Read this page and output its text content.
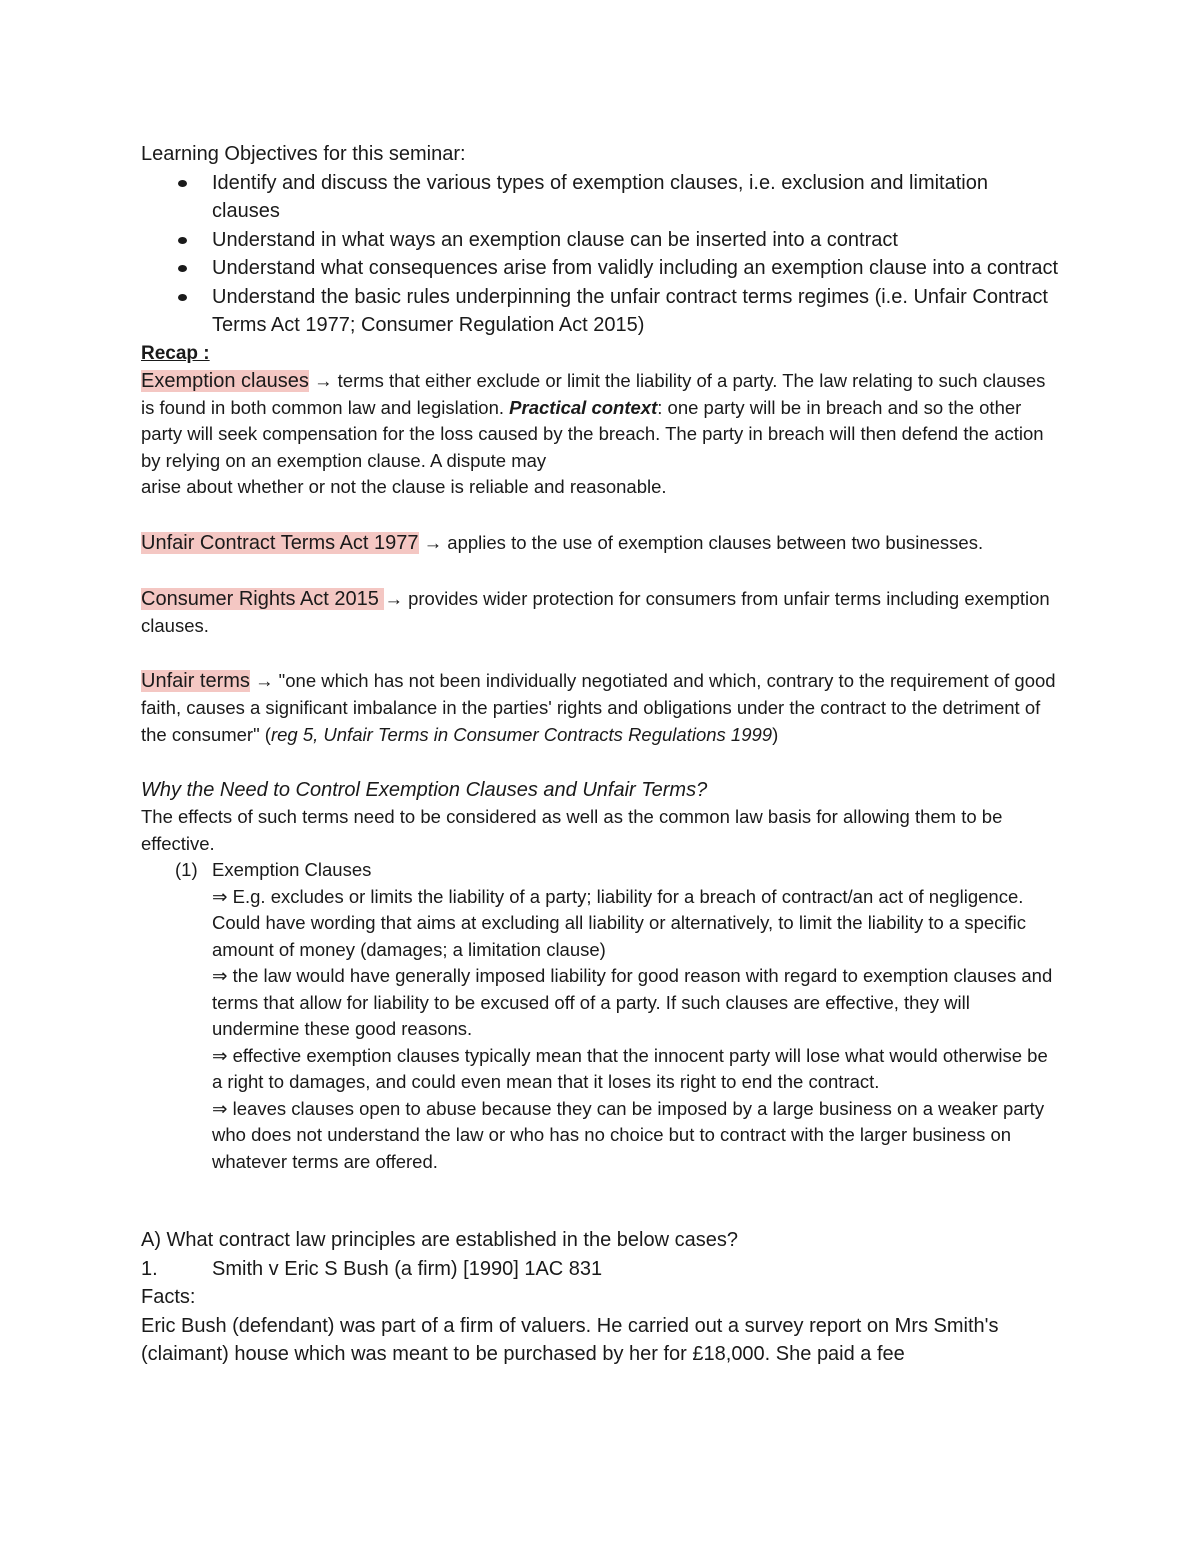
Learning Objectives for this seminar:

Identify and discuss the various types of exemption clauses, i.e. exclusion and limitation clauses
Understand in what ways an exemption clause can be inserted into a contract
Understand what consequences arise from validly including an exemption clause into a contract
Understand the basic rules underpinning the unfair contract terms regimes (i.e. Unfair Contract Terms Act 1977; Consumer Regulation Act 2015)

Recap :

Exemption clauses → terms that either exclude or limit the liability of a party. The law relating to such clauses is found in both common law and legislation. Practical context: one party will be in breach and so the other party will seek compensation for the loss caused by the breach. The party in breach will then defend the action by relying on an exemption clause. A dispute may
arise about whether or not the clause is reliable and reasonable.

Unfair Contract Terms Act 1977 → applies to the use of exemption clauses between two businesses.

Consumer Rights Act 2015 → provides wider protection for consumers from unfair terms including exemption clauses.

Unfair terms → "one which has not been individually negotiated and which, contrary to the requirement of good faith, causes a significant imbalance in the parties' rights and obligations under the contract to the detriment of the consumer" (reg 5, Unfair Terms in Consumer Contracts Regulations 1999)

Why the Need to Control Exemption Clauses and Unfair Terms?

The effects of such terms need to be considered as well as the common law basis for allowing them to be effective.

(1) Exemption Clauses

⇒ E.g. excludes or limits the liability of a party; liability for a breach of contract/an act of negligence. Could have wording that aims at excluding all liability or alternatively, to limit the liability to a specific amount of money (damages; a limitation clause)

⇒ the law would have generally imposed liability for good reason with regard to exemption clauses and terms that allow for liability to be excused off of a party. If such clauses are effective, they will undermine these good reasons.

⇒ effective exemption clauses typically mean that the innocent party will lose what would otherwise be a right to damages, and could even mean that it loses its right to end the contract.

⇒ leaves clauses open to abuse because they can be imposed by a large business on a weaker party who does not understand the law or who has no choice but to contract with the larger business on whatever terms are offered.

A) What contract law principles are established in the below cases?

1.	Smith v Eric S Bush (a firm) [1990] 1AC 831

Facts:

Eric Bush (defendant) was part of a firm of valuers. He carried out a survey report on Mrs Smith's (claimant) house which was meant to be purchased by her for £18,000. She paid a fee
